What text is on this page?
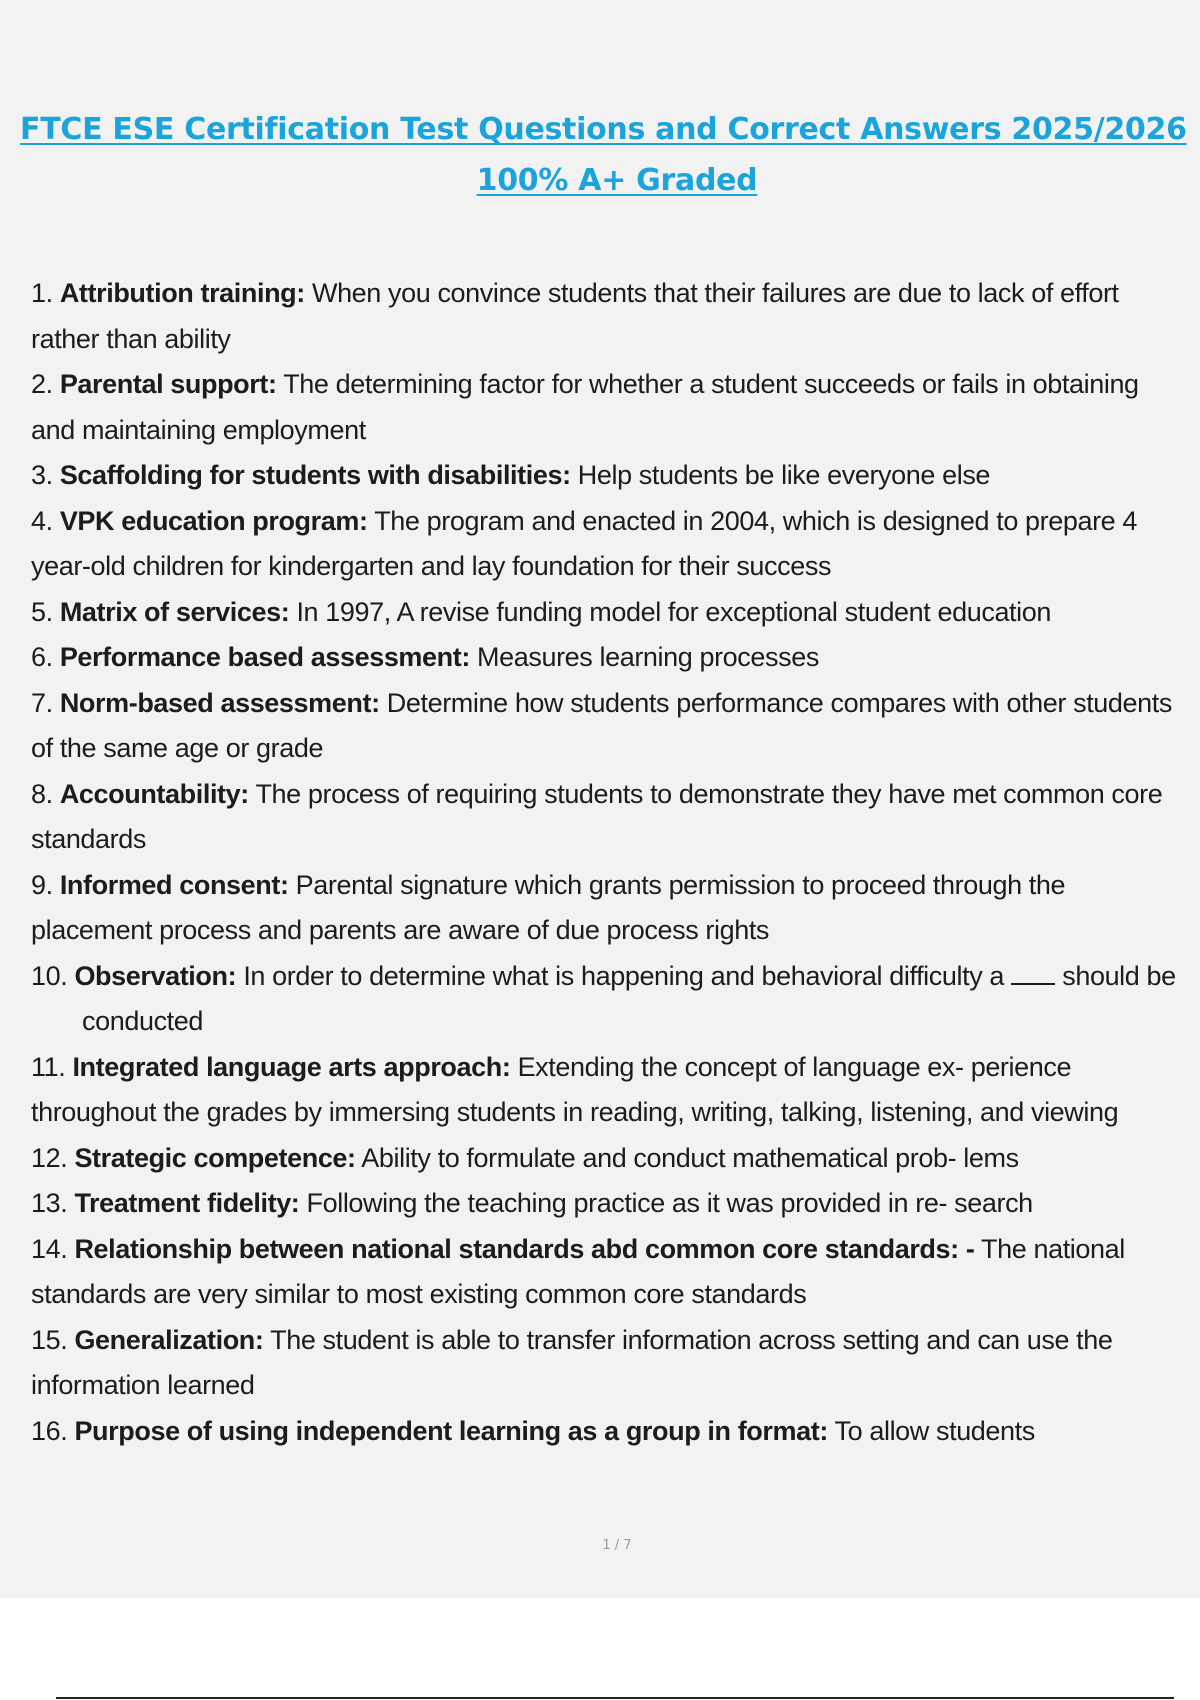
FTCE ESE Certification Test Questions and Correct Answers 2025/2026
100% A+ Graded
1. Attribution training: When you convince students that their failures are due to lack of effort rather than ability
2. Parental support: The determining factor for whether a student succeeds or fails in obtaining and maintaining employment
3. Scaffolding for students with disabilities: Help students be like everyone else
4. VPK education program: The program and enacted in 2004, which is designed to prepare 4 year-old children for kindergarten and lay foundation for their success
5. Matrix of services: In 1997, A revise funding model for exceptional student education
6. Performance based assessment: Measures learning processes
7. Norm-based assessment: Determine how students performance compares with other students of the same age or grade
8. Accountability: The process of requiring students to demonstrate they have met common core standards
9. Informed consent: Parental signature which grants permission to proceed through the placement process and parents are aware of due process rights
10. Observation: In order to determine what is happening and behavioral difficulty a should be conducted
11. Integrated language arts approach: Extending the concept of language ex- perience throughout the grades by immersing students in reading, writing, talking, listening, and viewing
12. Strategic competence: Ability to formulate and conduct mathematical prob- lems
13. Treatment fidelity: Following the teaching practice as it was provided in re- search
14. Relationship between national standards abd common core standards: - The national standards are very similar to most existing common core standards
15. Generalization: The student is able to transfer information across setting and can use the information learned
16. Purpose of using independent learning as a group in format: To allow students
1 / 7
